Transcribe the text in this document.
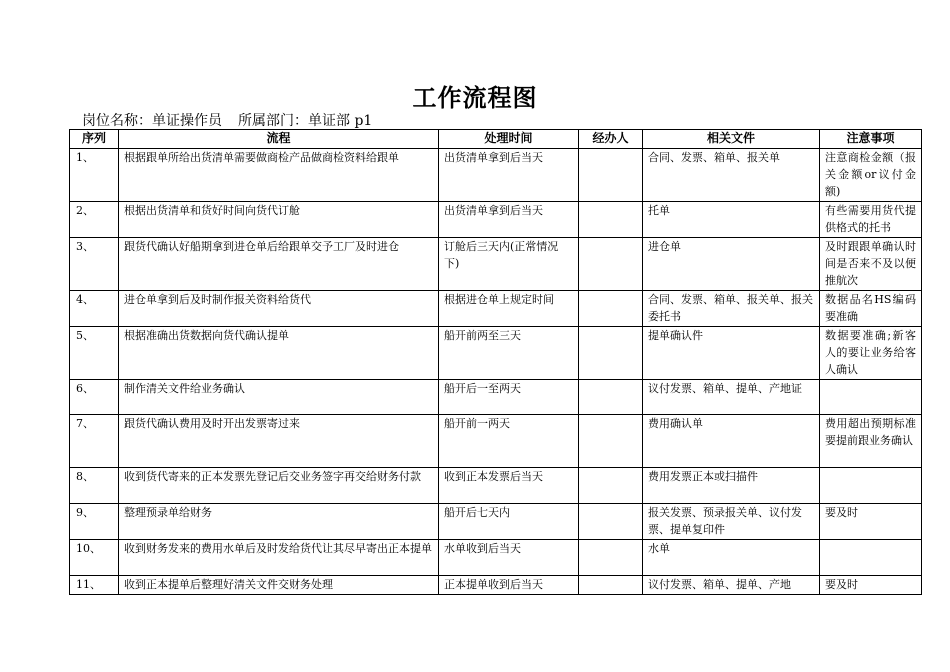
工作流程图
岗位名称：单证操作员 所属部门：单证部 p1
序列	流程	处理时间	经办人	相关文件	注意事项
1、	根据跟单所给出货清单需要做商检产品做商检资料给跟单	出货清单拿到后当天		合同、发票、箱单、报关单	注意商检金额（报关金额or议付金额)
2、	根据出货清单和货好时间向货代订舱	出货清单拿到后当天		托单	有些需要用货代提供格式的托书
3、	跟货代确认好船期拿到进仓单后给跟单交予工厂及时进仓	订舱后三天内(正常情况下)		进仓单	及时跟跟单确认时间是否来不及以便推航次
4、	进仓单拿到后及时制作报关资料给货代	根据进仓单上规定时间		合同、发票、箱单、报关单、报关委托书	数据品名HS编码要准确
5、	根据准确出货数据向货代确认提单	船开前两至三天		提单确认件	数据要准确;新客人的要让业务给客人确认
6、	制作清关文件给业务确认	船开后一至两天		议付发票、箱单、提单、产地证	
7、	跟货代确认费用及时开出发票寄过来	船开前一两天		费用确认单	费用超出预期标准要提前跟业务确认
8、	收到货代寄来的正本发票先登记后交业务签字再交给财务付款	收到正本发票后当天		费用发票正本或扫描件	
9、	整理预录单给财务	船开后七天内		报关发票、预录报关单、议付发票、提单复印件	要及时
10、	收到财务发来的费用水单后及时发给货代让其尽早寄出正本提单	水单收到后当天		水单	
11、	收到正本提单后整理好清关文件交财务处理	正本提单收到后当天		议付发票、箱单、提单、产地	要及时
